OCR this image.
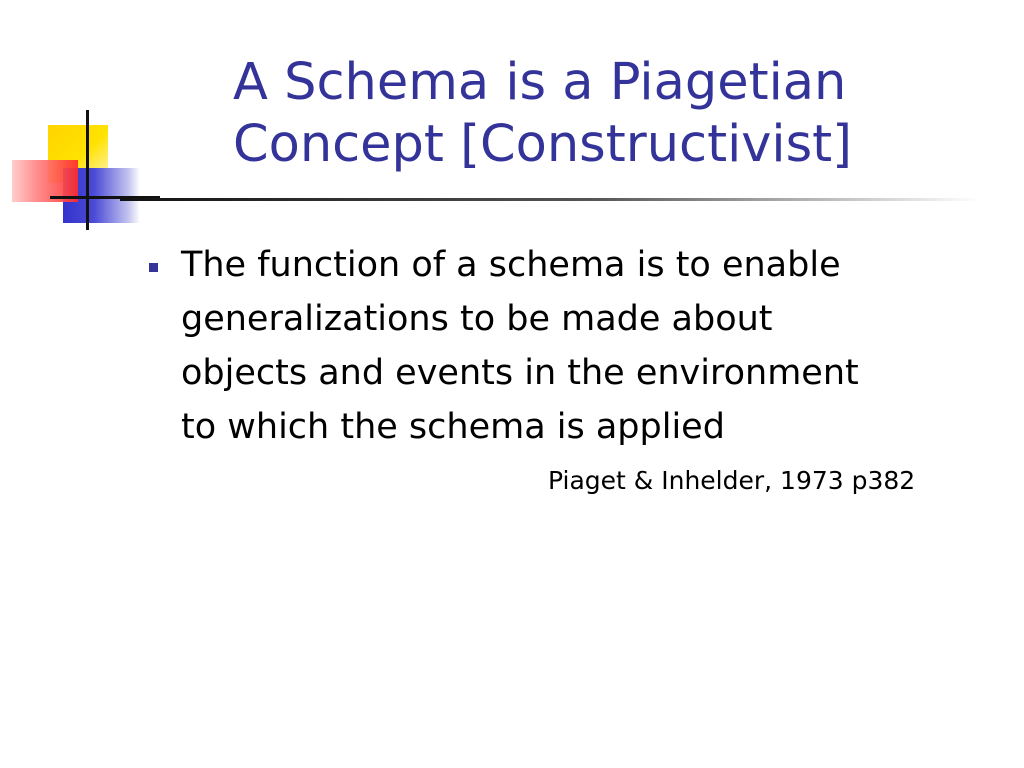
A Schema is a Piagetian
Concept [Constructivist]
The function of a schema is to enable
generalizations to be made about
objects and events in the environment
to which the schema is applied
Piaget & Inhelder, 1973 p382
